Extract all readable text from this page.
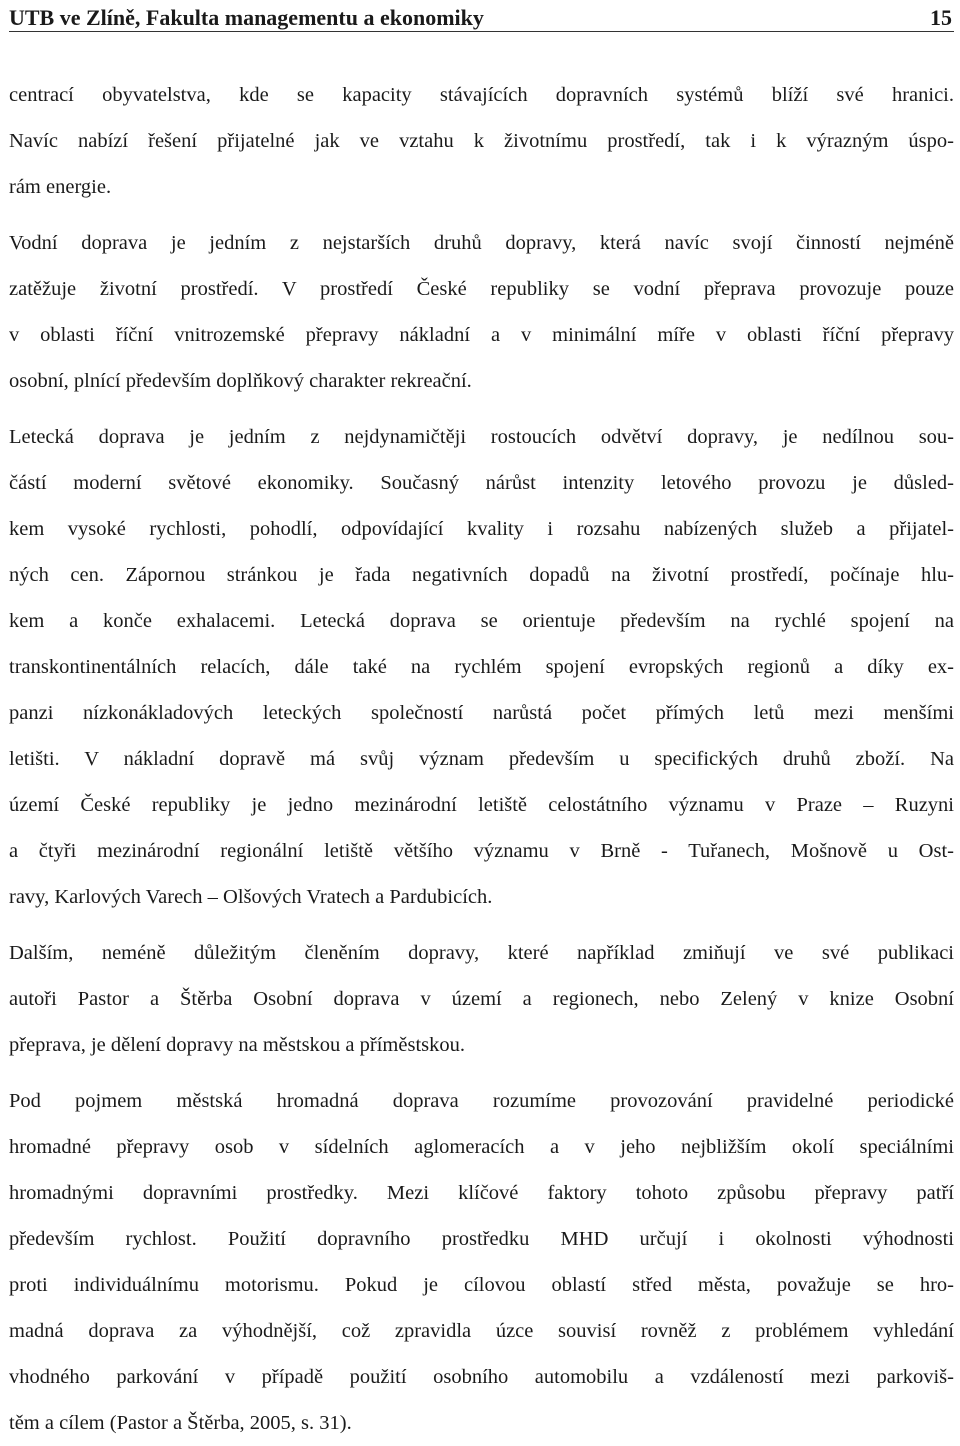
UTB ve Zlíně, Fakulta managementu a ekonomiky	15
centrací obyvatelstva, kde se kapacity stávajících dopravních systémů blíží své hranici.
Navíc nabízí řešení přijatelné jak ve vztahu k životnímu prostředí, tak i k výrazným úspo-
rám energie.
Vodní doprava je jedním z nejstarších druhů dopravy, která navíc svojí činností nejméně
zatěžuje životní prostředí. V prostředí České republiky se vodní přeprava provozuje pouze
v oblasti říční vnitrozemské přepravy nákladní a v minimální míře v oblasti říční přepravy
osobní, plnící především doplňkový charakter rekreační.
Letecká doprava je jedním z nejdynamičtěji rostoucích odvětví dopravy, je nedílnou sou-
částí moderní světové ekonomiky. Současný nárůst intenzity letového provozu je důsled-
kem vysoké rychlosti, pohodlí, odpovídající kvality i rozsahu nabízených služeb a přijatel-
ných cen. Zápornou stránkou je řada negativních dopadů na životní prostředí, počínaje hlu-
kem a konče exhalacemi. Letecká doprava se orientuje především na rychlé spojení na
transkontinentálních relacích, dále také na rychlém spojení evropských regionů a díky ex-
panzi nízkonákladových leteckých společností narůstá počet přímých letů mezi menšími
letišti. V nákladní dopravě má svůj význam především u specifických druhů zboží. Na
území České republiky je jedno mezinárodní letiště celostátního významu v Praze – Ruzyni
a čtyři mezinárodní regionální letiště většího významu v Brně - Tuřanech, Mošnově u Ost-
ravy, Karlových Varech – Olšových Vratech a Pardubicích.
Dalším, neméně důležitým členěním dopravy, které například zmiňují ve své publikaci
autoři Pastor a Štěrba Osobní doprava v území a regionech, nebo Zelený v knize Osobní
přeprava, je dělení dopravy na městskou a příměstskou.
Pod pojmem městská hromadná doprava rozumíme provozování pravidelné periodické
hromadné přepravy osob v sídelních aglomeracích a v jeho nejbližším okolí speciálními
hromadnými dopravními prostředky. Mezi klíčové faktory tohoto způsobu přepravy patří
především rychlost. Použití dopravního prostředku MHD určují i okolnosti výhodnosti
proti individuálnímu motorismu. Pokud je cílovou oblastí střed města, považuje se hro-
madná doprava za výhodnější, což zpravidla úzce souvisí rovněž z problémem vyhledání
vhodného parkování v případě použití osobního automobilu a vzdáleností mezi parkoviš-
těm a cílem (Pastor a Štěrba, 2005, s. 31).
